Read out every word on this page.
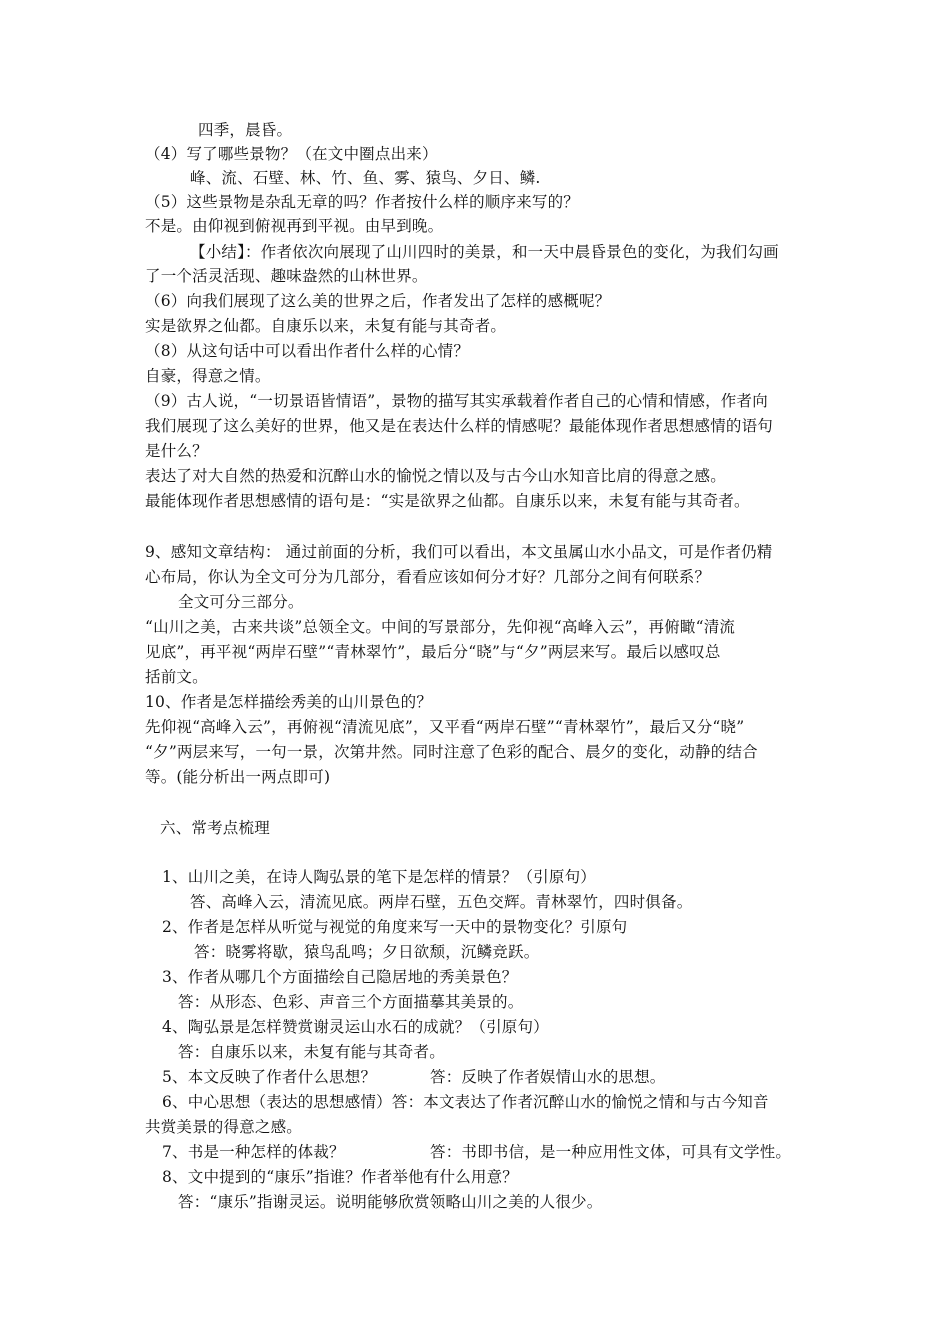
四季，晨昏。
（4）写了哪些景物？（在文中圈点出来）
峰、流、石壁、林、竹、鱼、雾、猿鸟、夕日、鳞.
（5）这些景物是杂乱无章的吗？作者按什么样的顺序来写的？
不是。由仰视到俯视再到平视。由早到晚。
【小结】：作者依次向展现了山川四时的美景，和一天中晨昏景色的变化，为我们勾画
了一个活灵活现、趣味盎然的山林世界。
（6）向我们展现了这么美的世界之后，作者发出了怎样的感概呢？
实是欲界之仙都。自康乐以来，未复有能与其奇者。
（8）从这句话中可以看出作者什么样的心情？
自豪，得意之情。
（9）古人说，“一切景语皆情语”，景物的描写其实承载着作者自己的心情和情感，作者向
我们展现了这么美好的世界，他又是在表达什么样的情感呢？最能体现作者思想感情的语句
是什么？
表达了对大自然的热爱和沉醉山水的愉悦之情以及与古今山水知音比肩的得意之感。
最能体现作者思想感情的语句是：“实是欲界之仙都。自康乐以来，未复有能与其奇者。
9、感知文章结构： 通过前面的分析，我们可以看出，本文虽属山水小品文，可是作者仍精
心布局，你认为全文可分为几部分，看看应该如何分才好？几部分之间有何联系？
全文可分三部分。
“山川之美，古来共谈”总领全文。中间的写景部分，先仰视“高峰入云”，再俯瞰“清流
见底”，再平视“两岸石壁”“青林翠竹”，最后分“晓”与“夕”两层来写。最后以感叹总
括前文。
10、作者是怎样描绘秀美的山川景色的？
先仰视“高峰入云”，再俯视“清流见底”，又平看“两岸石壁”“青林翠竹”，最后又分“晓”
“夕”两层来写，一句一景，次第井然。同时注意了色彩的配合、晨夕的变化，动静的结合
等。(能分析出一两点即可)
六、常考点梳理
1、山川之美，在诗人陶弘景的笔下是怎样的情景？（引原句）
答、高峰入云，清流见底。两岸石壁，五色交辉。青林翠竹，四时俱备。
2、作者是怎样从听觉与视觉的角度来写一天中的景物变化？引原句
答：晓雾将歇，猿鸟乱鸣；夕日欲颓，沉鳞竞跃。
3、作者从哪几个方面描绘自己隐居地的秀美景色？
答：从形态、色彩、声音三个方面描摹其美景的。
4、陶弘景是怎样赞赏谢灵运山水石的成就？（引原句）
答：自康乐以来，未复有能与其奇者。
5、本文反映了作者什么思想？	答：反映了作者娱情山水的思想。
6、中心思想（表达的思想感情）答：本文表达了作者沉醉山水的愉悦之情和与古今知音
共赏美景的得意之感。
7、书是一种怎样的体裁？	答：书即书信，是一种应用性文体，可具有文学性。
8、文中提到的“康乐”指谁？作者举他有什么用意？
答：“康乐”指谢灵运。说明能够欣赏领略山川之美的人很少。
